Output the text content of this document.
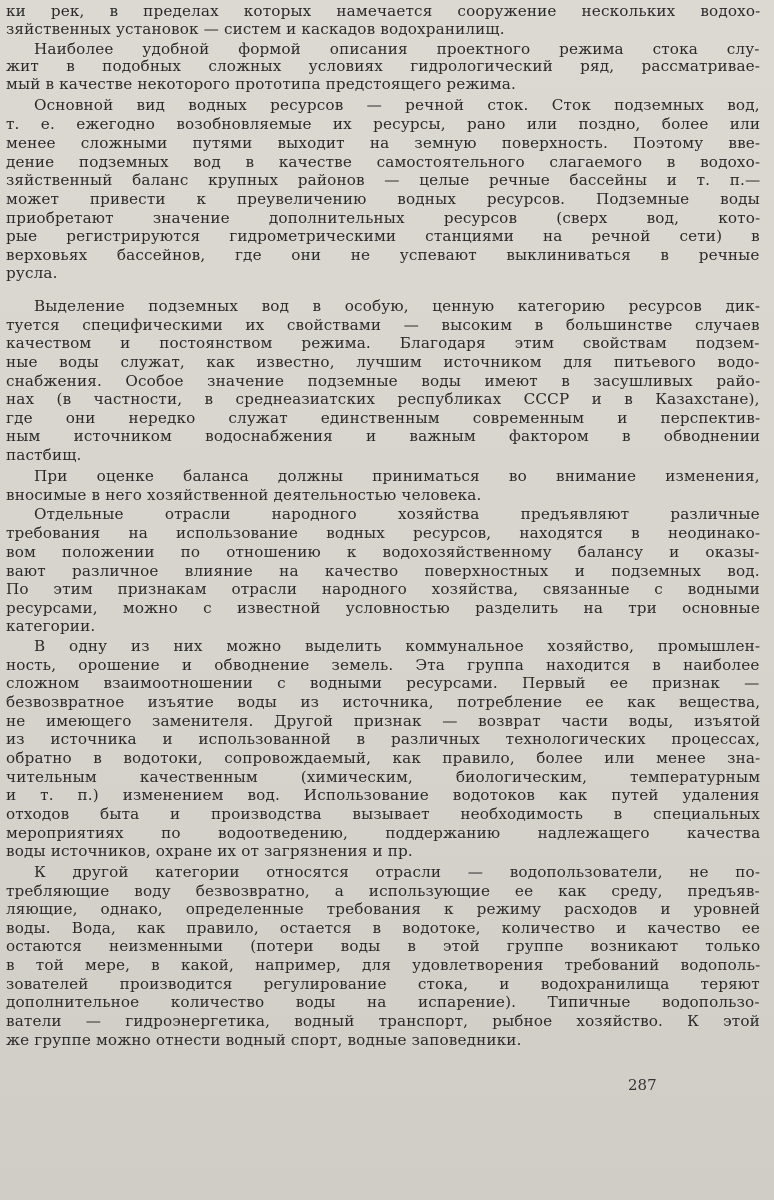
ки рек, в пределах которых намечается сооружение нескольких водохо-
зяйственных установок — систем и каскадов водохранилищ.
Наиболее удобной формой описания проектного режима стока слу-
жит в подобных сложных условиях гидрологический ряд, рассматривае-
мый в качестве некоторого прототипа предстоящего режима.
Основной вид водных ресурсов — речной сток. Сток подземных вод,
т. е. ежегодно возобновляемые их ресурсы, рано или поздно, более или
менее сложными путями выходит на земную поверхность. Поэтому вве-
дение подземных вод в качестве самостоятельного слагаемого в водохо-
зяйственный баланс крупных районов — целые речные бассейны и т. п.—
может привести к преувеличению водных ресурсов. Подземные воды
приобретают значение дополнительных ресурсов (сверх вод, кото-
рые регистрируются гидрометрическими станциями на речной сети) в
верховьях бассейнов, где они не успевают выклиниваться в речные
русла.
Выделение подземных вод в особую, ценную категорию ресурсов дик-
туется специфическими их свойствами — высоким в большинстве случаев
качеством и постоянством режима. Благодаря этим свойствам подзем-
ные воды служат, как известно, лучшим источником для питьевого водо-
снабжения. Особое значение подземные воды имеют в засушливых райо-
нах (в частности, в среднеазиатских республиках СССР и в Казахстане),
где они нередко служат единственным современным и перспектив-
ным источником водоснабжения и важным фактором в обводнении
пастбищ.
При оценке баланса должны приниматься во внимание изменения,
вносимые в него хозяйственной деятельностью человека.
Отдельные отрасли народного хозяйства предъявляют различные
требования на использование водных ресурсов, находятся в неодинако-
вом положении по отношению к водохозяйственному балансу и оказы-
вают различное влияние на качество поверхностных и подземных вод.
По этим признакам отрасли народного хозяйства, связанные с водными
ресурсами, можно с известной условностью разделить на три основные
категории.
В одну из них можно выделить коммунальное хозяйство, промышлен-
ность, орошение и обводнение земель. Эта группа находится в наиболее
сложном взаимоотношении с водными ресурсами. Первый ее признак —
безвозвратное изъятие воды из источника, потребление ее как вещества,
не имеющего заменителя. Другой признак — возврат части воды, изъятой
из источника и использованной в различных технологических процессах,
обратно в водотоки, сопровождаемый, как правило, более или менее зна-
чительным качественным (химическим, биологическим, температурным
и т. п.) изменением вод. Использование водотоков как путей удаления
отходов быта и производства вызывает необходимость в специальных
мероприятиях по водоотведению, поддержанию надлежащего качества
воды источников, охране их от загрязнения и пр.
К другой категории относятся отрасли — водопользователи, не по-
требляющие воду безвозвратно, а использующие ее как среду, предъяв-
ляющие, однако, определенные требования к режиму расходов и уровней
воды. Вода, как правило, остается в водотоке, количество и качество ее
остаются неизменными (потери воды в этой группе возникают только
в той мере, в какой, например, для удовлетворения требований водополь-
зователей производится регулирование стока, и водохранилища теряют
дополнительное количество воды на испарение). Типичные водопользо-
ватели — гидроэнергетика, водный транспорт, рыбное хозяйство. К этой
же группе можно отнести водный спорт, водные заповедники.
287
